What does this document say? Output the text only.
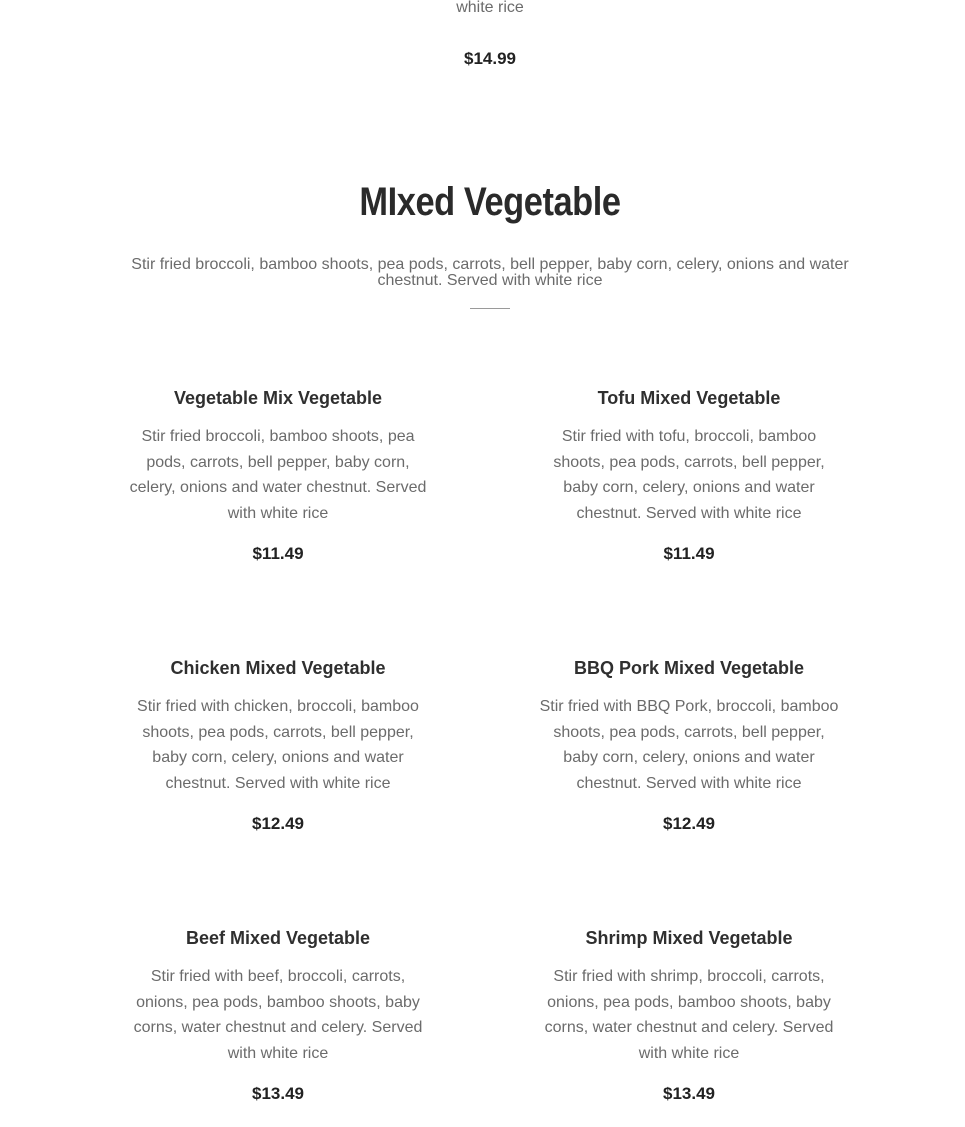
white rice
$14.99
MIxed Vegetable
Stir fried broccoli, bamboo shoots, pea pods, carrots, bell pepper, baby corn, celery, onions and water chestnut. Served with white rice
Vegetable Mix Vegetable
Stir fried broccoli, bamboo shoots, pea pods, carrots, bell pepper, baby corn, celery, onions and water chestnut. Served with white rice
$11.49
Tofu Mixed Vegetable
Stir fried with tofu, broccoli, bamboo shoots, pea pods, carrots, bell pepper, baby corn, celery, onions and water chestnut. Served with white rice
$11.49
Chicken Mixed Vegetable
Stir fried with chicken, broccoli, bamboo shoots, pea pods, carrots, bell pepper, baby corn, celery, onions and water chestnut. Served with white rice
$12.49
BBQ Pork Mixed Vegetable
Stir fried with BBQ Pork, broccoli, bamboo shoots, pea pods, carrots, bell pepper, baby corn, celery, onions and water chestnut. Served with white rice
$12.49
Beef Mixed Vegetable
Stir fried with beef, broccoli, carrots, onions, pea pods, bamboo shoots, baby corns, water chestnut and celery. Served with white rice
$13.49
Shrimp Mixed Vegetable
Stir fried with shrimp, broccoli, carrots, onions, pea pods, bamboo shoots, baby corns, water chestnut and celery. Served with white rice
$13.49
